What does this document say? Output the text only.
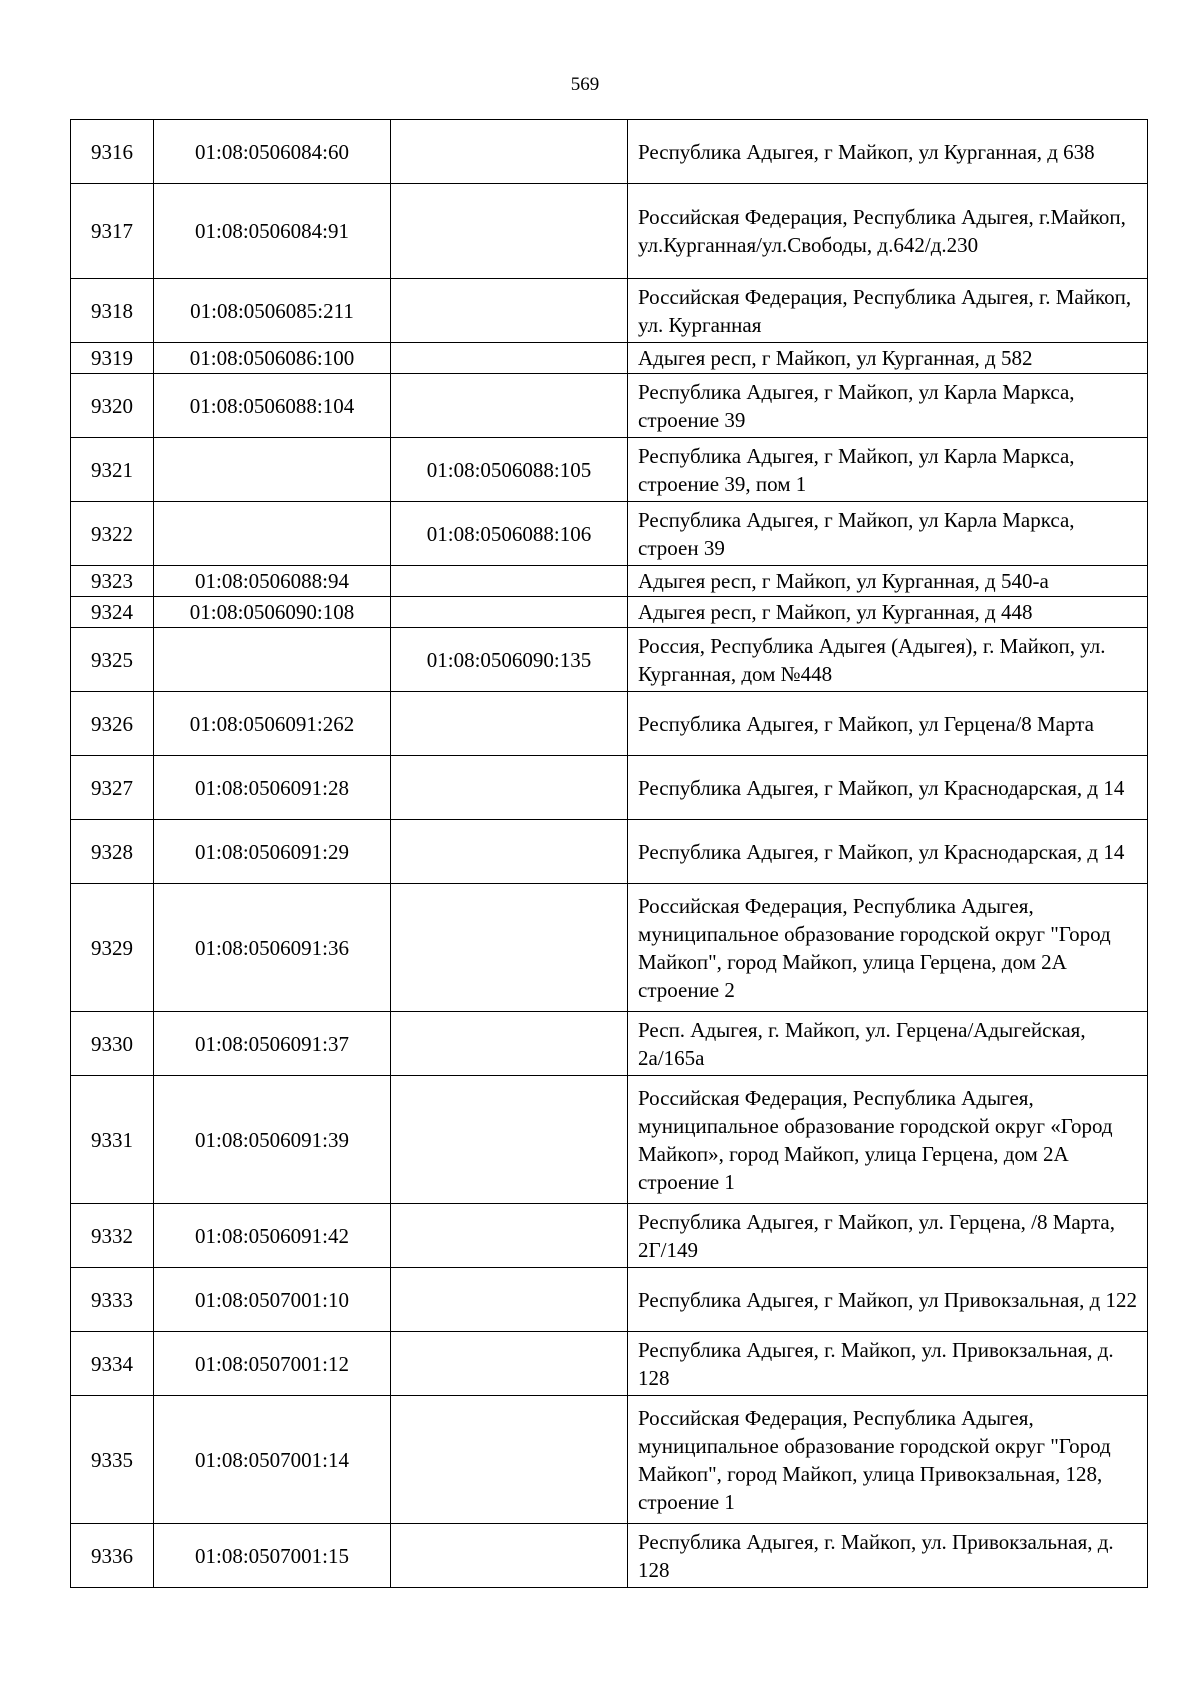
569
9316	01:08:0506084:60		Республика Адыгея, г Майкоп, ул Курганная, д 638
9317	01:08:0506084:91		Российская Федерация, Республика Адыгея, г.Майкоп, ул.Курганная/ул.Свободы, д.642/д.230
9318	01:08:0506085:211		Российская Федерация, Республика Адыгея, г. Майкоп, ул. Курганная
9319	01:08:0506086:100		Адыгея респ, г Майкоп, ул Курганная, д 582
9320	01:08:0506088:104		Республика Адыгея, г Майкоп, ул Карла Маркса, строение 39
9321		01:08:0506088:105	Республика Адыгея, г Майкоп, ул Карла Маркса, строение 39, пом 1
9322		01:08:0506088:106	Республика Адыгея, г Майкоп, ул Карла Маркса, строен 39
9323	01:08:0506088:94		Адыгея респ, г Майкоп, ул Курганная, д 540-а
9324	01:08:0506090:108		Адыгея респ, г Майкоп, ул Курганная, д 448
9325		01:08:0506090:135	Россия, Республика Адыгея (Адыгея), г. Майкоп, ул. Курганная, дом №448
9326	01:08:0506091:262		Республика Адыгея, г Майкоп, ул Герцена/8 Марта
9327	01:08:0506091:28		Республика Адыгея, г Майкоп, ул Краснодарская, д 14
9328	01:08:0506091:29		Республика Адыгея, г Майкоп, ул Краснодарская, д 14
9329	01:08:0506091:36		Российская Федерация, Республика Адыгея, муниципальное образование городской округ "Город Майкоп", город Майкоп, улица Герцена, дом 2А строение 2
9330	01:08:0506091:37		Респ. Адыгея, г. Майкоп, ул. Герцена/Адыгейская, 2а/165а
9331	01:08:0506091:39		Российская Федерация, Республика Адыгея, муниципальное образование городской округ «Город Майкоп», город Майкоп, улица Герцена, дом 2А строение 1
9332	01:08:0506091:42		Республика Адыгея, г Майкоп, ул. Герцена, /8 Марта, 2Г/149
9333	01:08:0507001:10		Республика Адыгея, г Майкоп, ул Привокзальная, д 122
9334	01:08:0507001:12		Республика Адыгея, г. Майкоп, ул. Привокзальная, д. 128
9335	01:08:0507001:14		Российская Федерация, Республика Адыгея, муниципальное образование городской округ "Город Майкоп", город Майкоп, улица Привокзальная, 128, строение 1
9336	01:08:0507001:15		Республика Адыгея, г. Майкоп, ул. Привокзальная, д. 128
